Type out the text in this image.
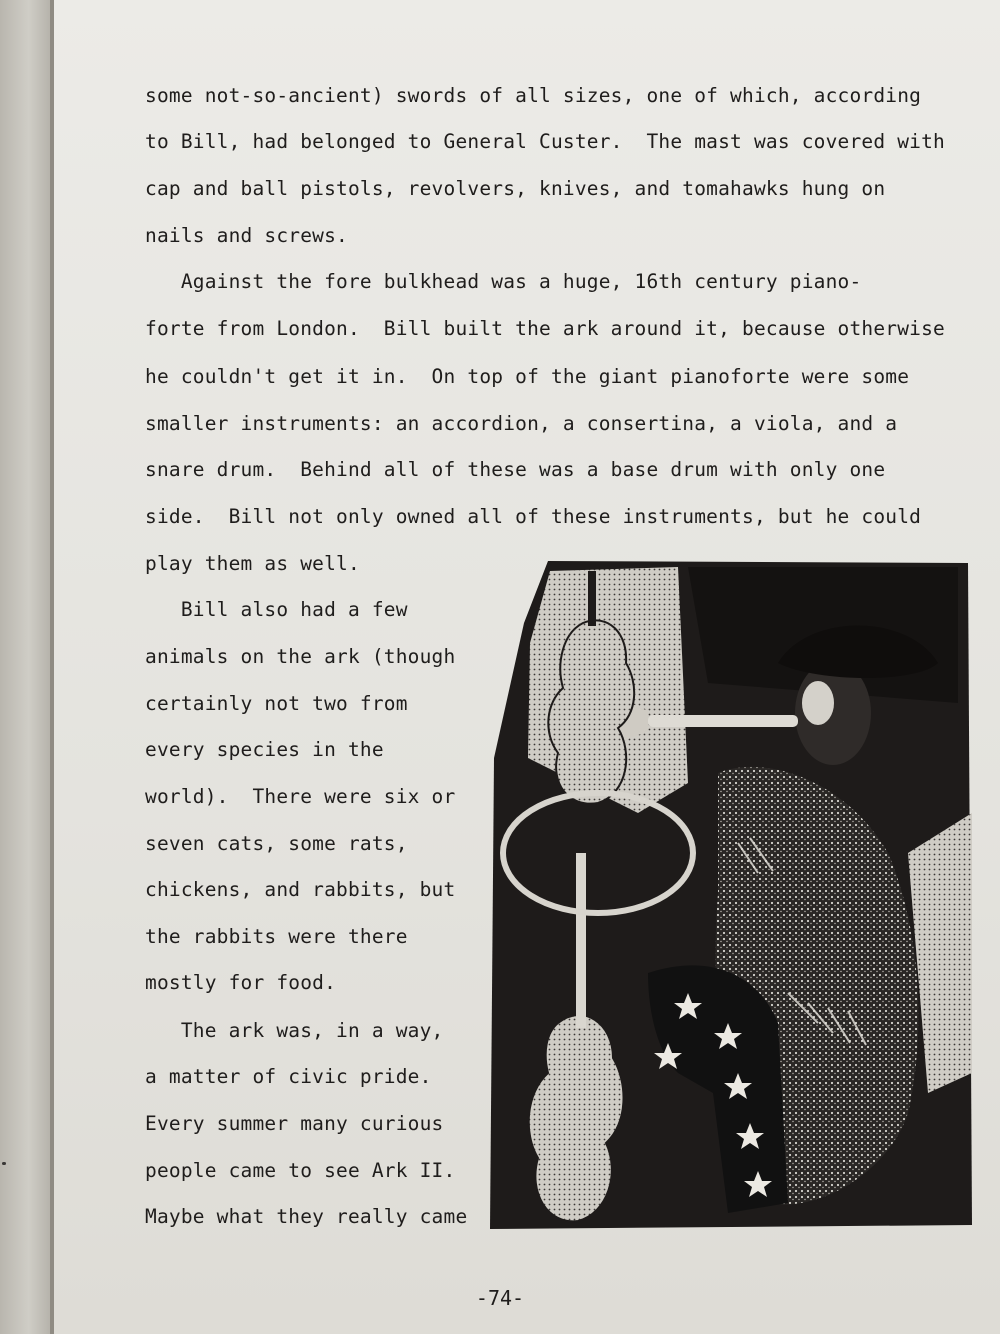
some not-so-ancient) swords of all sizes, one of which, according
to Bill, had belonged to General Custer.  The mast was covered with
cap and ball pistols, revolvers, knives, and tomahawks hung on
nails and screws.
Against the fore bulkhead was a huge, 16th century piano-
forte from London.  Bill built the ark around it, because otherwise
he couldn't get it in.  On top of the giant pianoforte were some
smaller instruments: an accordion, a consertina, a viola, and a
snare drum.  Behind all of these was a base drum with only one
side.  Bill not only owned all of these instruments, but he could
play them as well.
Bill also had a few
animals on the ark (though
certainly not two from
every species in the
world).  There were six or
seven cats, some rats,
chickens, and rabbits, but
the rabbits were there
mostly for food.
The ark was, in a way,
a matter of civic pride.
Every summer many curious
people came to see Ark II.
Maybe what they really came
-74-
